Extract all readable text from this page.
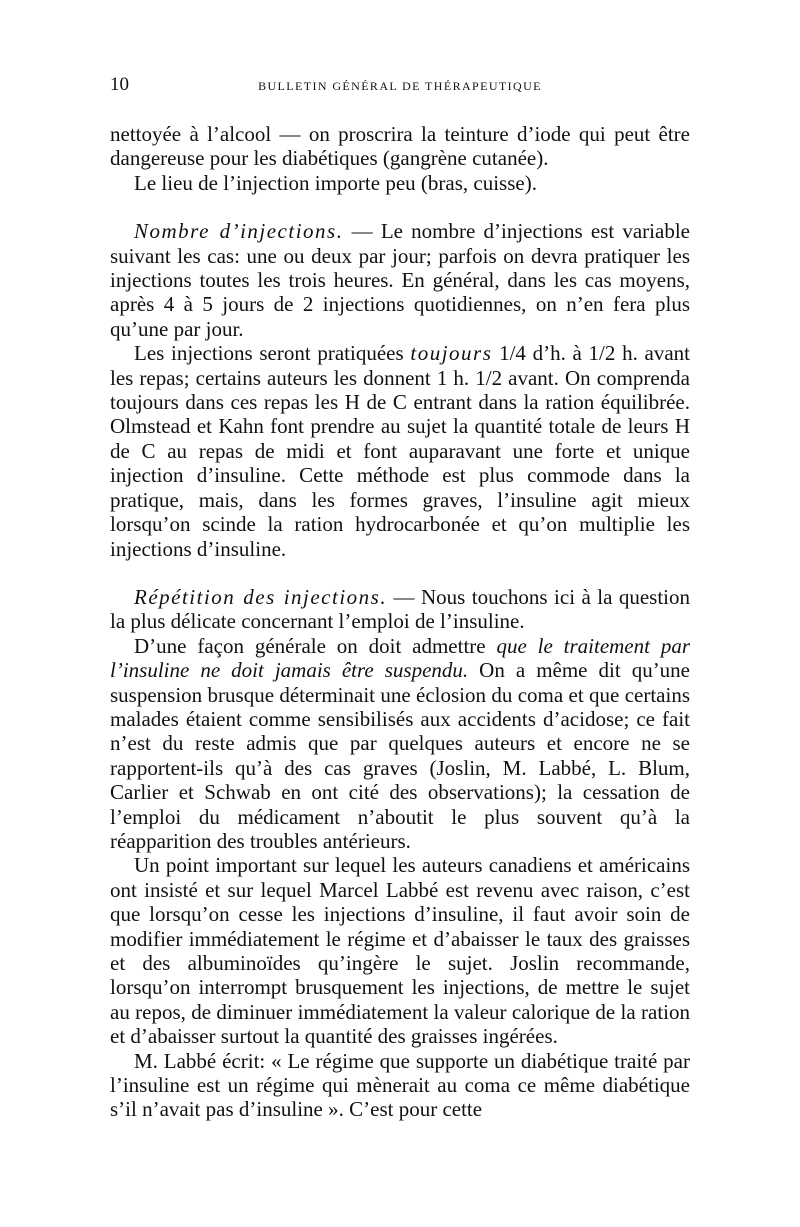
10	BULLETIN GÉNÉRAL DE THÉRAPEUTIQUE

nettoyée à l’alcool — on proscrira la teinture d’iode qui peut être dangereuse pour les diabétiques (gangrène cutanée).

Le lieu de l’injection importe peu (bras, cuisse).

Nombre d’injections. — Le nombre d’injections est variable suivant les cas: une ou deux par jour; parfois on devra pratiquer les injections toutes les trois heures. En général, dans les cas moyens, après 4 à 5 jours de 2 injections quotidiennes, on n’en fera plus qu’une par jour.

Les injections seront pratiquées toujours 1/4 d’h. à 1/2 h. avant les repas; certains auteurs les donnent 1 h. 1/2 avant. On comprenda toujours dans ces repas les H de C entrant dans la ration équilibrée. Olmstead et Kahn font prendre au sujet la quantité totale de leurs H de C au repas de midi et font auparavant une forte et unique injection d’insuline. Cette méthode est plus commode dans la pratique, mais, dans les formes graves, l’insuline agit mieux lorsqu’on scinde la ration hydrocarbonée et qu’on multiplie les injections d’insuline.

Répétition des injections. — Nous touchons ici à la question la plus délicate concernant l’emploi de l’insuline.

D’une façon générale on doit admettre que le traitement par l’insuline ne doit jamais être suspendu. On a même dit qu’une suspension brusque déterminait une éclosion du coma et que certains malades étaient comme sensibilisés aux accidents d’acidose; ce fait n’est du reste admis que par quelques auteurs et encore ne se rapportent-ils qu’à des cas graves (Joslin, M. Labbé, L. Blum, Carlier et Schwab en ont cité des observations); la cessation de l’emploi du médicament n’aboutit le plus souvent qu’à la réapparition des troubles antérieurs.

Un point important sur lequel les auteurs canadiens et américains ont insisté et sur lequel Marcel Labbé est revenu avec raison, c’est que lorsqu’on cesse les injections d’insuline, il faut avoir soin de modifier immédiatement le régime et d’abaisser le taux des graisses et des albuminoïdes qu’ingère le sujet. Joslin recommande, lorsqu’on interrompt brusquement les injections, de mettre le sujet au repos, de diminuer immédiatement la valeur calorique de la ration et d’abaisser surtout la quantité des graisses ingérées.

M. Labbé écrit: « Le régime que supporte un diabétique traité par l’insuline est un régime qui mènerait au coma ce même diabétique s’il n’avait pas d’insuline ». C’est pour cette
